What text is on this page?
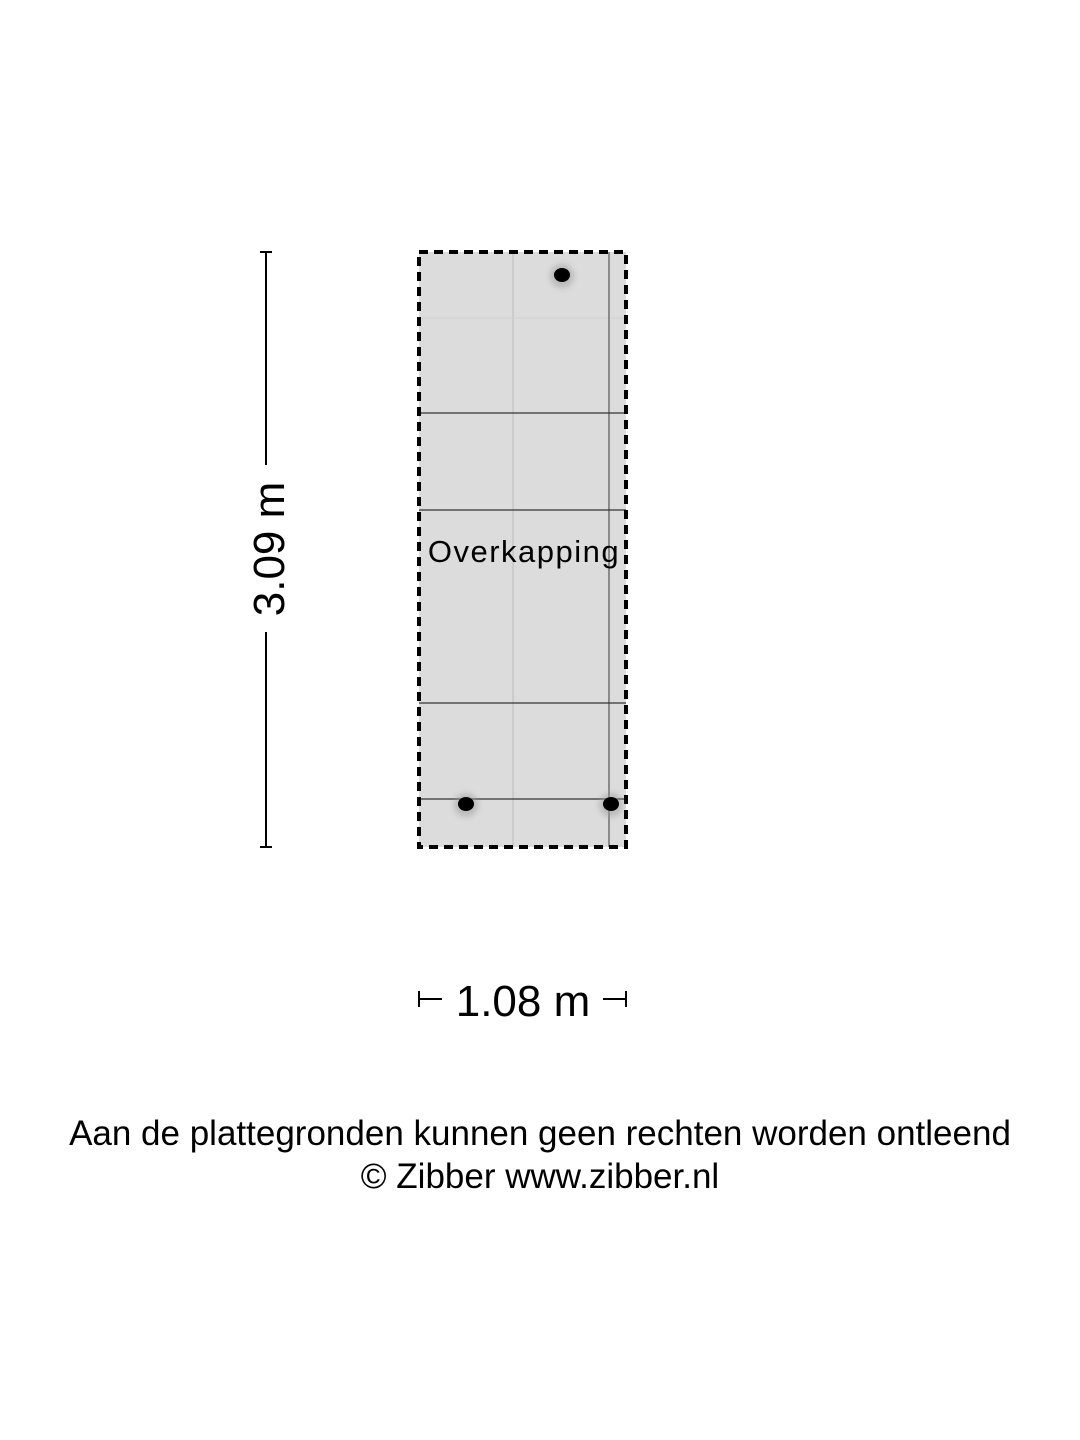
Overkapping
3.09 m
1.08 m
Aan de plattegronden kunnen geen rechten worden ontleend
© Zibber www.zibber.nl
